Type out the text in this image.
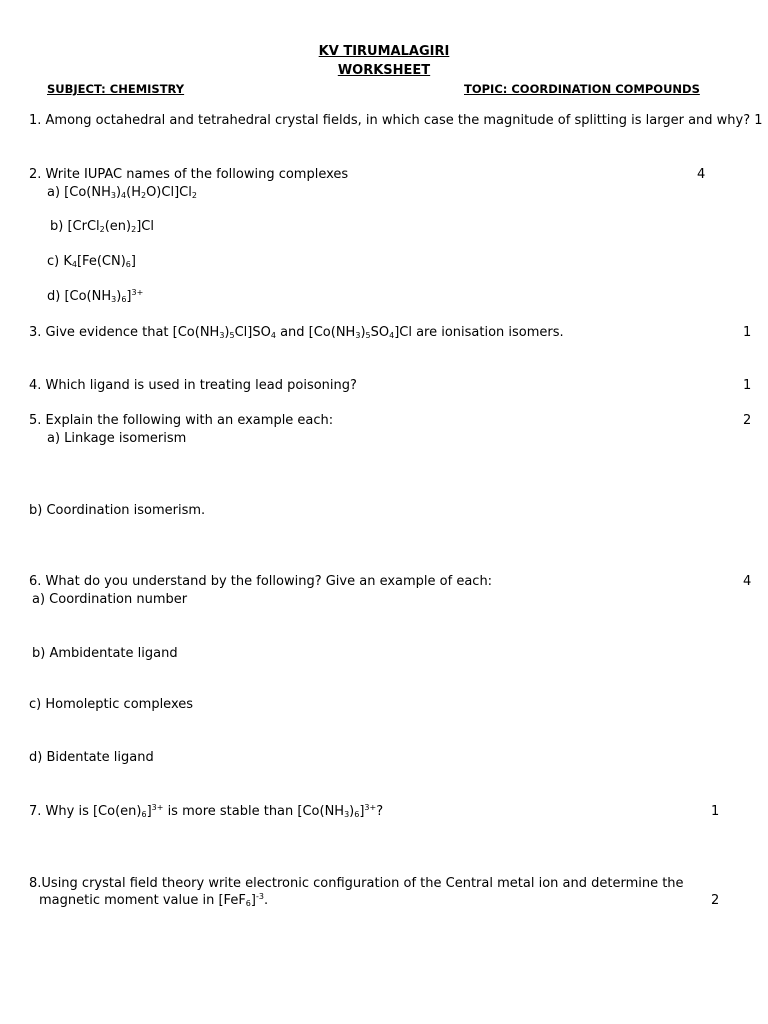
KV TIRUMALAGIRI
WORKSHEET
SUBJECT: CHEMISTRY	TOPIC: COORDINATION COMPOUNDS
1. Among octahedral and tetrahedral crystal fields, in which case the magnitude of splitting is larger and why? 1
2. Write IUPAC names of the following complexes	4
a) $[Co(NH_3)_4(H_2O)Cl]Cl_2$
b) $[CrCl_2(en)_2]Cl$
c) $K_4[Fe(CN)_6]$
d) $[Co(NH_3)_6]^{3+}$
3. Give evidence that $[Co(NH_3)_5Cl]SO_4$ and $[Co(NH_3)_5SO_4]Cl$ are ionisation isomers.	1
4. Which ligand is used in treating lead poisoning?	1
5. Explain the following with an example each:	2
a) Linkage isomerism
b) Coordination isomerism.
6. What do you understand by the following? Give an example of each:	4
a) Coordination number
b) Ambidentate ligand
c) Homoleptic complexes
d) Bidentate ligand
7. Why is $[Co(en)_6]^{3+}$ is more stable than $[Co(NH_3)_6]^{3+}$?	1
8.Using crystal field theory write electronic configuration of the Central metal ion and determine the
magnetic moment value in $[FeF_6]^{-3}$.	2
